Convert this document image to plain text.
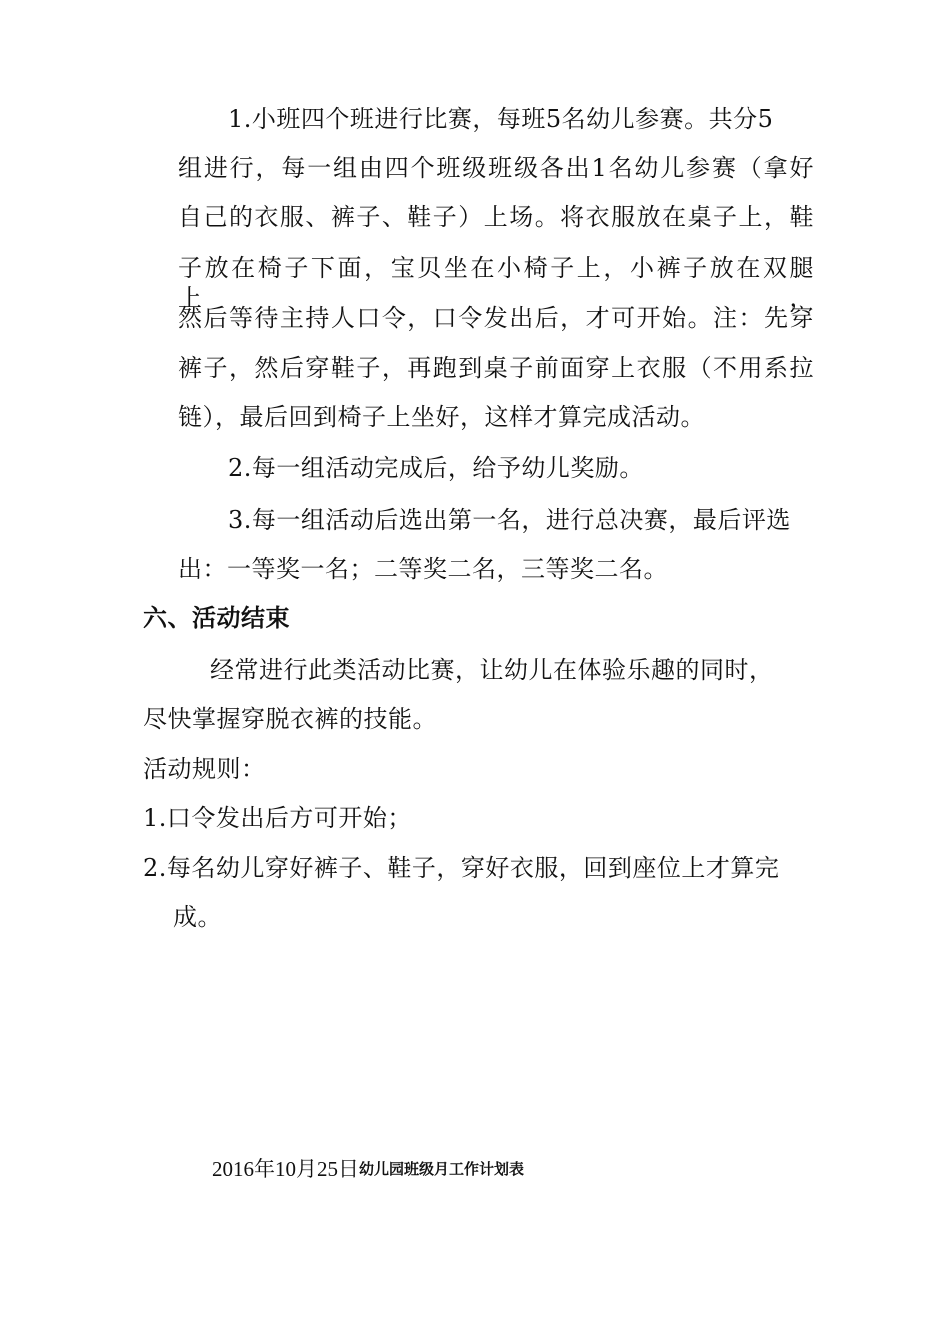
1.小班四个班进行比赛，每班5名幼儿参赛。共分5
组进行，每一组由四个班级班级各出1名幼儿参赛（拿好
自己的衣服、裤子、鞋子）上场。将衣服放在桌子上，鞋
子放在椅子下面，宝贝坐在小椅子上，小裤子放在双腿上，
然后等待主持人口令，口令发出后，才可开始。注：先穿
裤子，然后穿鞋子，再跑到桌子前面穿上衣服（不用系拉
链），最后回到椅子上坐好，这样才算完成活动。
2.每一组活动完成后，给予幼儿奖励。
3.每一组活动后选出第一名，进行总决赛，最后评选
出：一等奖一名；二等奖二名，三等奖二名。
六、活动结束
经常进行此类活动比赛，让幼儿在体验乐趣的同时，
尽快掌握穿脱衣裤的技能。
活动规则：
1.口令发出后方可开始；
2.每名幼儿穿好裤子、鞋子，穿好衣服，回到座位上才算完
成。
2016年10月25日幼儿园班级月工作计划表
